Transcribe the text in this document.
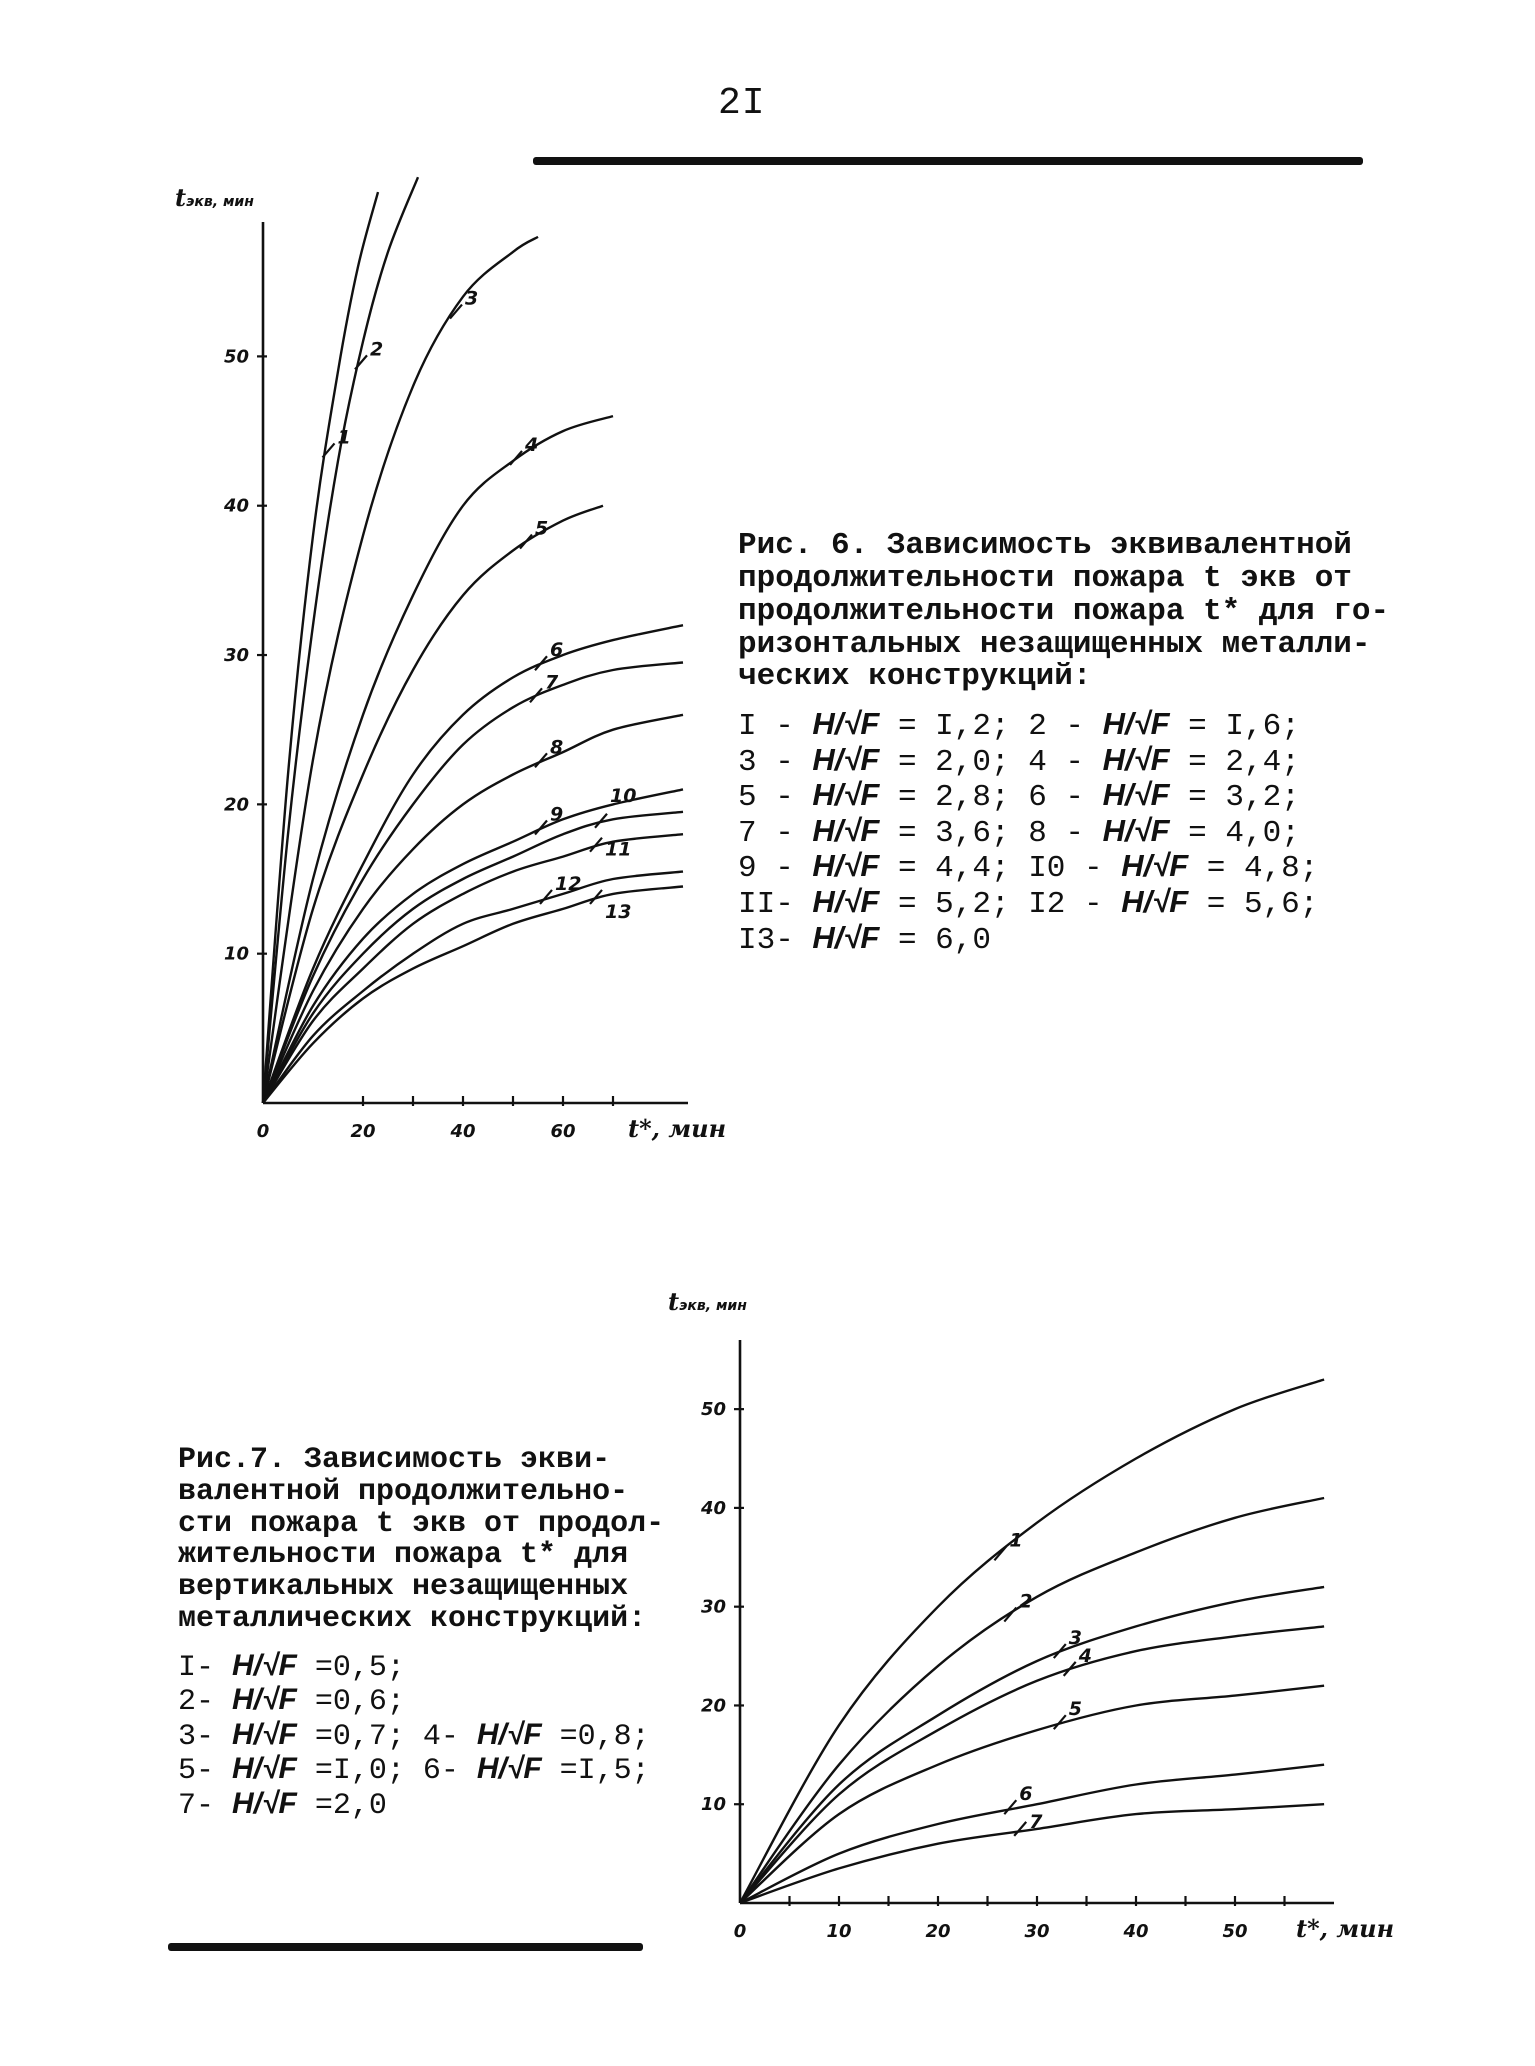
2I
10
20
30
40
50
0	20	40	60
tэкв, мин
t*, мин
1
2
3
4
5
6
7
8
9
10
11
12
13
10
20
30
40
50
0	10	20	30	40	50
tэкв, мин
t*, мин
1
2
3
4
5
6
7
Рис. 6. Зависимость эквивалентной
продолжительности пожара t экв от
продолжительности пожара t* для го-
ризонтальных незащищенных металли-
ческих конструкций:
I - H/√F = I,2; 2 - H/√F = I,6;
3 - H/√F = 2,0; 4 - H/√F = 2,4;
5 - H/√F = 2,8; 6 - H/√F = 3,2;
7 - H/√F = 3,6; 8 - H/√F = 4,0;
9 - H/√F = 4,4; I0 - H/√F = 4,8;
II- H/√F = 5,2; I2 - H/√F = 5,6;
I3- H/√F = 6,0
Рис.7. Зависимость экви-
валентной продолжительно-
сти пожара t экв от продол-
жительности пожара t* для
вертикальных незащищенных
металлических конструкций:
I- H/√F =0,5;
2- H/√F =0,6;
3- H/√F =0,7; 4- H/√F =0,8;
5- H/√F =I,0; 6- H/√F =I,5;
7- H/√F =2,0
